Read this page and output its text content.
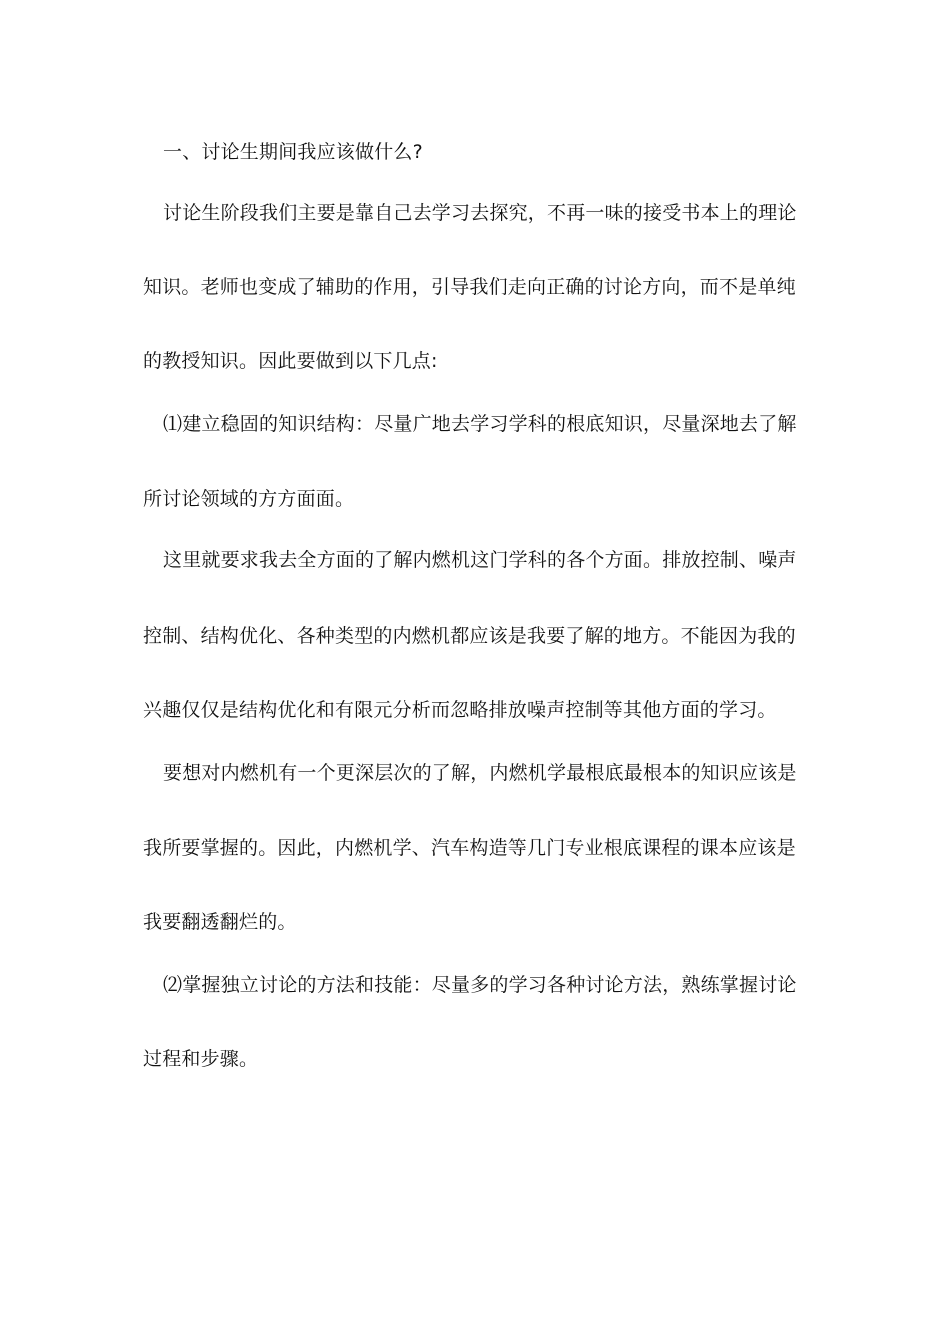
一、讨论生期间我应该做什么?
讨论生阶段我们主要是靠自己去学习去探究，不再一味的接受书本上的理论
知识。老师也变成了辅助的作用，引导我们走向正确的讨论方向，而不是单纯
的教授知识。因此要做到以下几点:
⑴建立稳固的知识结构：尽量广地去学习学科的根底知识，尽量深地去了解
所讨论领域的方方面面。
这里就要求我去全方面的了解内燃机这门学科的各个方面。排放控制、噪声
控制、结构优化、各种类型的内燃机都应该是我要了解的地方。不能因为我的
兴趣仅仅是结构优化和有限元分析而忽略排放噪声控制等其他方面的学习。
要想对内燃机有一个更深层次的了解，内燃机学最根底最根本的知识应该是
我所要掌握的。因此，内燃机学、汽车构造等几门专业根底课程的课本应该是
我要翻透翻烂的。
⑵掌握独立讨论的方法和技能：尽量多的学习各种讨论方法，熟练掌握讨论
过程和步骤。
